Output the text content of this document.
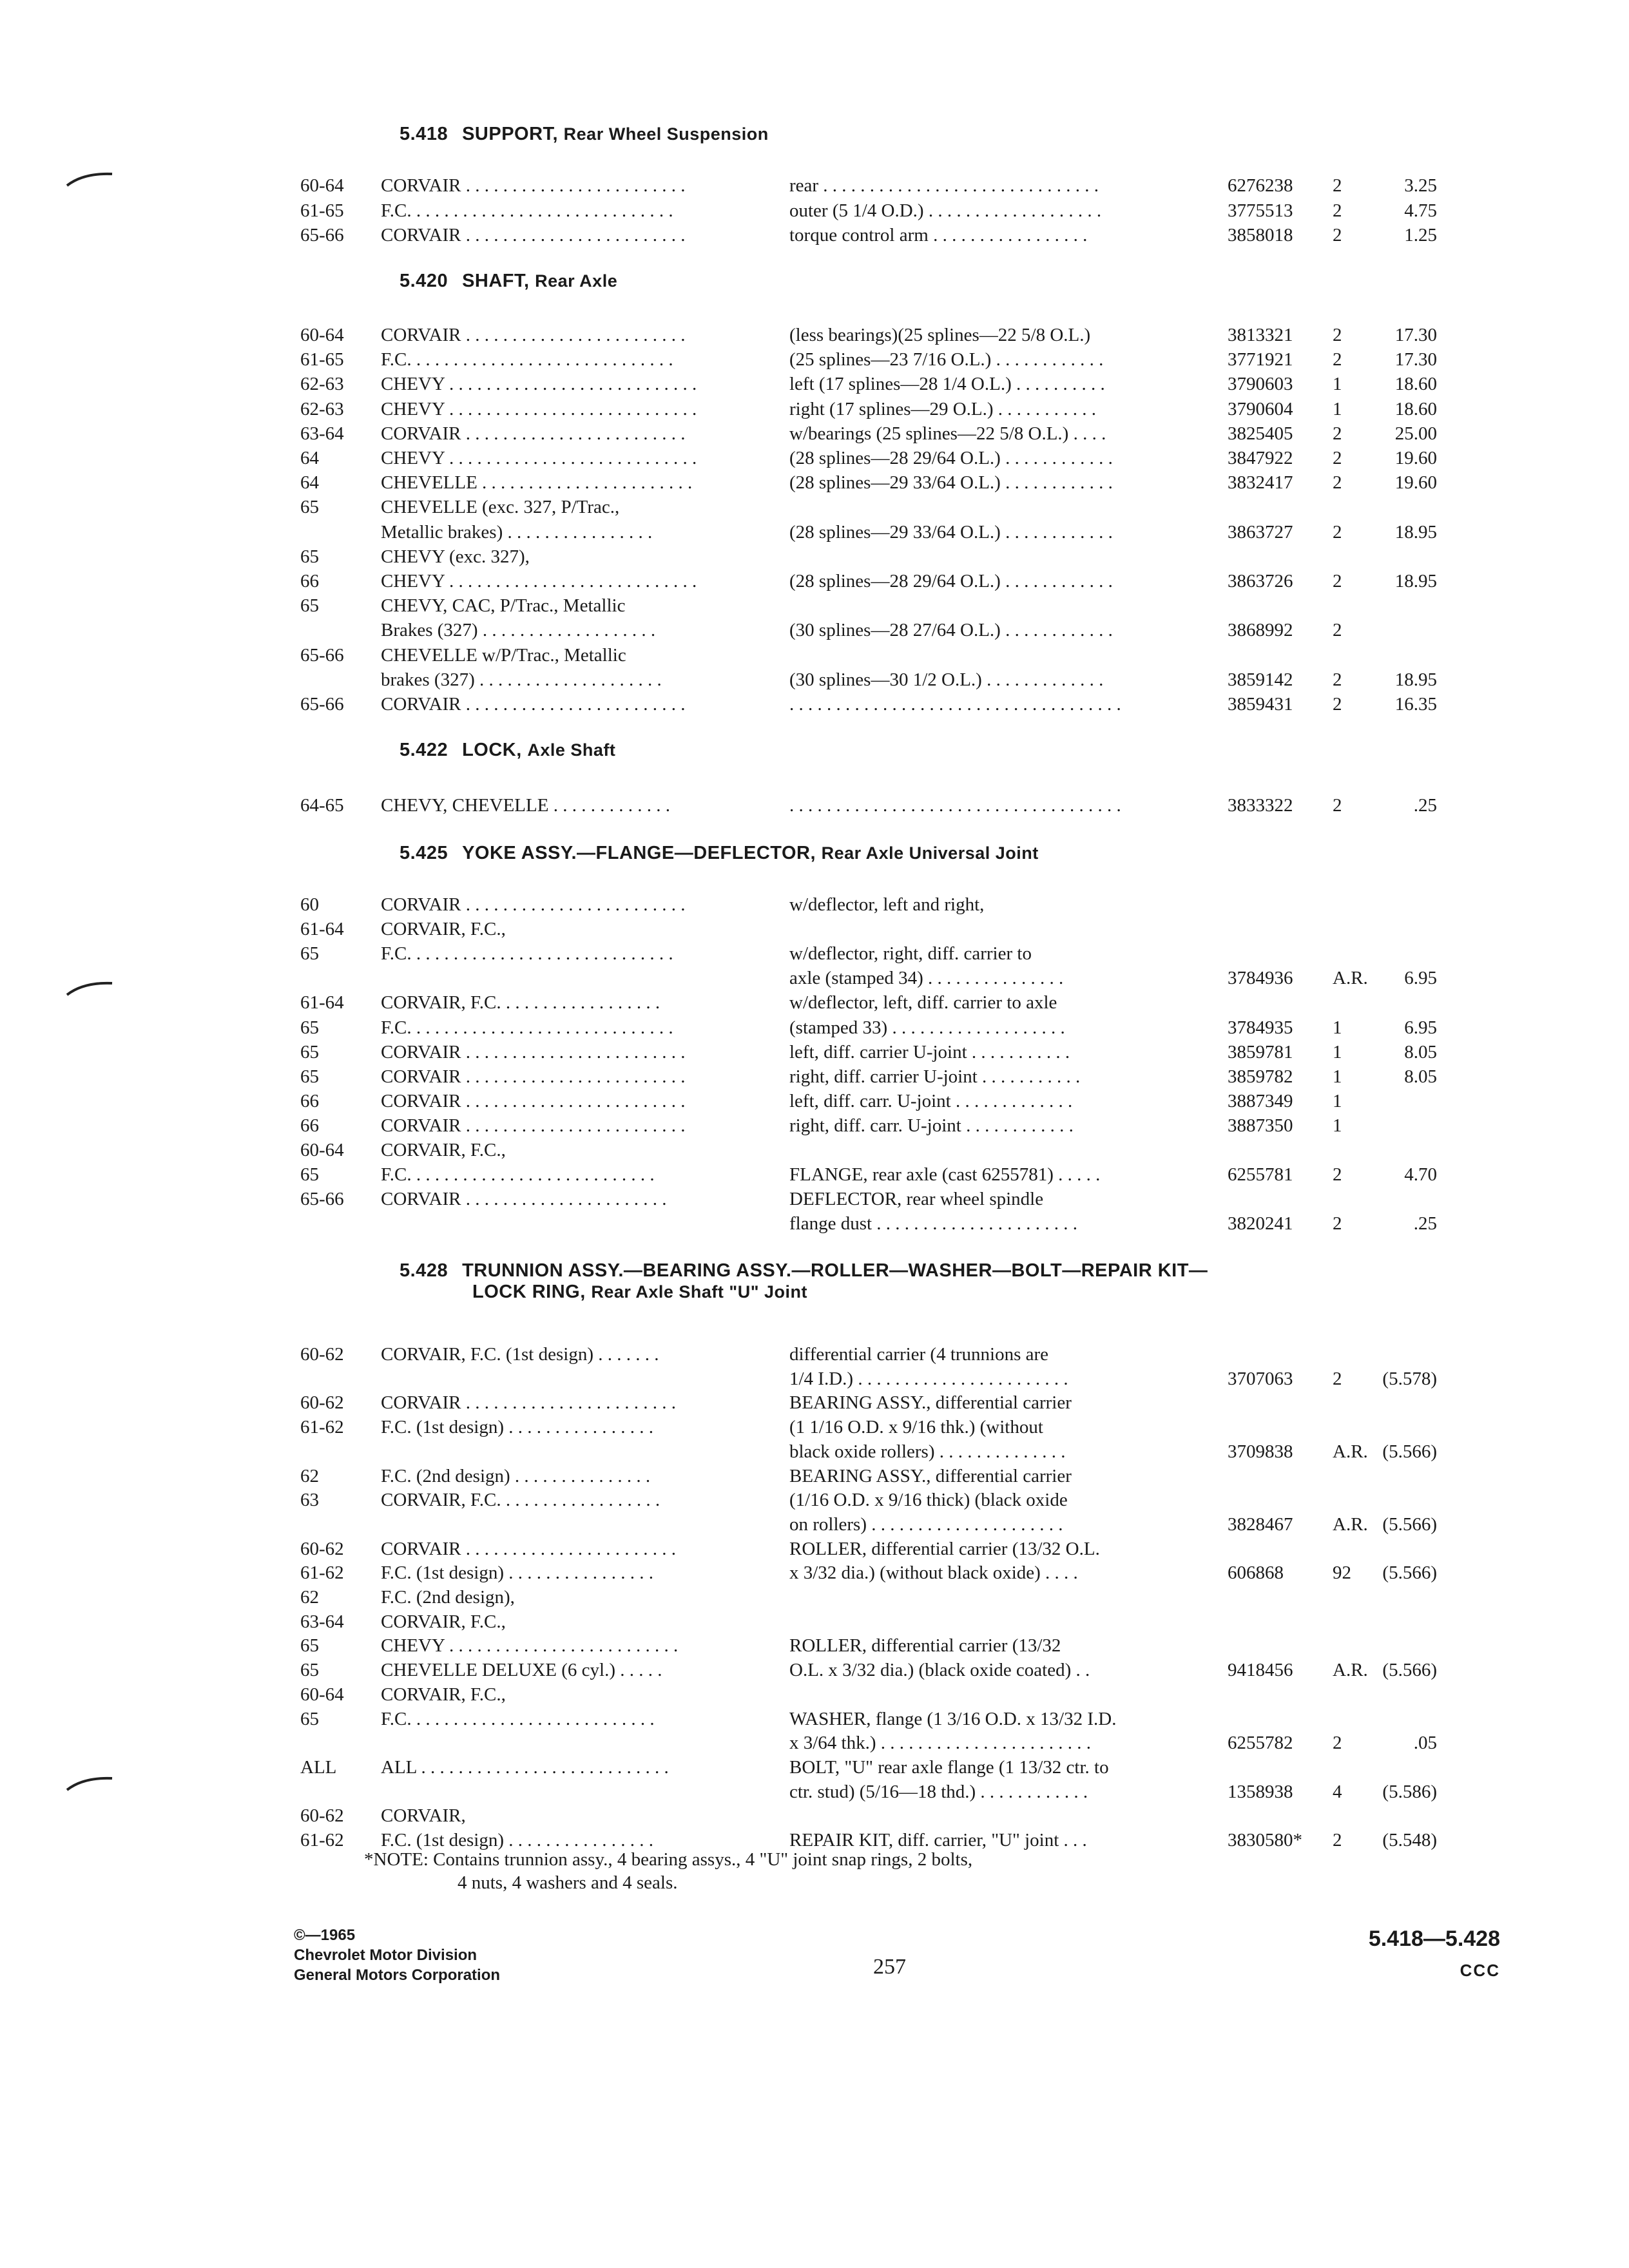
5.418 SUPPORT, Rear Wheel Suspension
60-64	CORVAIR . . . . . . . . . . . . . . . . . . . . . . . .	rear . . . . . . . . . . . . . . . . . . . . . . . . . . . . . .	6276238	2	3.25
61-65	F.C. . . . . . . . . . . . . . . . . . . . . . . . . . . . .	outer (5 1/4 O.D.) . . . . . . . . . . . . . . . . . . .	3775513	2	4.75
65-66	CORVAIR . . . . . . . . . . . . . . . . . . . . . . . .	torque control arm . . . . . . . . . . . . . . . . .	3858018	2	1.25
5.420 SHAFT, Rear Axle
60-64	CORVAIR . . . . . . . . . . . . . . . . . . . . . . . .	(less bearings)(25 splines—22 5/8 O.L.)	3813321	2	17.30
61-65	F.C. . . . . . . . . . . . . . . . . . . . . . . . . . . . .	(25 splines—23 7/16 O.L.) . . . . . . . . . . . .	3771921	2	17.30
62-63	CHEVY . . . . . . . . . . . . . . . . . . . . . . . . . . .	left (17 splines—28 1/4 O.L.) . . . . . . . . . .	3790603	1	18.60
62-63	CHEVY . . . . . . . . . . . . . . . . . . . . . . . . . . .	right (17 splines—29 O.L.) . . . . . . . . . . .	3790604	1	18.60
63-64	CORVAIR . . . . . . . . . . . . . . . . . . . . . . . .	w/bearings (25 splines—22 5/8 O.L.) . . . .	3825405	2	25.00
64	CHEVY . . . . . . . . . . . . . . . . . . . . . . . . . . .	(28 splines—28 29/64 O.L.) . . . . . . . . . . . .	3847922	2	19.60
64	CHEVELLE . . . . . . . . . . . . . . . . . . . . . . .	(28 splines—29 33/64 O.L.) . . . . . . . . . . . .	3832417	2	19.60
65	CHEVELLE (exc. 327, P/Trac.,
Metallic brakes) . . . . . . . . . . . . . . . .	(28 splines—29 33/64 O.L.) . . . . . . . . . . . .	3863727	2	18.95
65	CHEVY (exc. 327),
66	CHEVY . . . . . . . . . . . . . . . . . . . . . . . . . . .	(28 splines—28 29/64 O.L.) . . . . . . . . . . . .	3863726	2	18.95
65	CHEVY, CAC, P/Trac., Metallic
Brakes (327) . . . . . . . . . . . . . . . . . . .	(30 splines—28 27/64 O.L.) . . . . . . . . . . . .	3868992	2
65-66	CHEVELLE w/P/Trac., Metallic
brakes (327) . . . . . . . . . . . . . . . . . . . .	(30 splines—30 1/2 O.L.) . . . . . . . . . . . . .	3859142	2	18.95
65-66	CORVAIR . . . . . . . . . . . . . . . . . . . . . . . .	. . . . . . . . . . . . . . . . . . . . . . . . . . . . . . . . . . . .	3859431	2	16.35
5.422 LOCK, Axle Shaft
64-65	CHEVY, CHEVELLE . . . . . . . . . . . . .	. . . . . . . . . . . . . . . . . . . . . . . . . . . . . . . . . . . .	3833322	2	.25
5.425 YOKE ASSY.—FLANGE—DEFLECTOR, Rear Axle Universal Joint
60	CORVAIR . . . . . . . . . . . . . . . . . . . . . . . .	w/deflector, left and right,
61-64	CORVAIR, F.C.,
65	F.C. . . . . . . . . . . . . . . . . . . . . . . . . . . . .	w/deflector, right, diff. carrier to
axle (stamped 34) . . . . . . . . . . . . . . .	3784936	A.R.	6.95
61-64	CORVAIR, F.C. . . . . . . . . . . . . . . . . .	w/deflector, left, diff. carrier to axle
65	F.C. . . . . . . . . . . . . . . . . . . . . . . . . . . . .	(stamped 33) . . . . . . . . . . . . . . . . . . .	3784935	1	6.95
65	CORVAIR . . . . . . . . . . . . . . . . . . . . . . . .	left, diff. carrier U-joint . . . . . . . . . . .	3859781	1	8.05
65	CORVAIR . . . . . . . . . . . . . . . . . . . . . . . .	right, diff. carrier U-joint . . . . . . . . . . .	3859782	1	8.05
66	CORVAIR . . . . . . . . . . . . . . . . . . . . . . . .	left, diff. carr. U-joint . . . . . . . . . . . . .	3887349	1
66	CORVAIR . . . . . . . . . . . . . . . . . . . . . . . .	right, diff. carr. U-joint . . . . . . . . . . . .	3887350	1
60-64	CORVAIR, F.C.,
65	F.C. . . . . . . . . . . . . . . . . . . . . . . . . . .	FLANGE, rear axle (cast 6255781) . . . . .	6255781	2	4.70
65-66	CORVAIR . . . . . . . . . . . . . . . . . . . . . .	DEFLECTOR, rear wheel spindle
flange dust . . . . . . . . . . . . . . . . . . . . . .	3820241	2	.25
5.428 TRUNNION ASSY.—BEARING ASSY.—ROLLER—WASHER—BOLT—REPAIR KIT—
LOCK RING, Rear Axle Shaft "U" Joint
60-62	CORVAIR, F.C. (1st design) . . . . . . .	differential carrier (4 trunnions are
1/4 I.D.) . . . . . . . . . . . . . . . . . . . . . . .	3707063	2	(5.578)
60-62	CORVAIR . . . . . . . . . . . . . . . . . . . . . . .	BEARING ASSY., differential carrier
61-62	F.C. (1st design) . . . . . . . . . . . . . . . .	(1 1/16 O.D. x 9/16 thk.) (without
black oxide rollers) . . . . . . . . . . . . . .	3709838	A.R. (5.566)
62	F.C. (2nd design) . . . . . . . . . . . . . . .	BEARING ASSY., differential carrier
63	CORVAIR, F.C. . . . . . . . . . . . . . . . . .	(1/16 O.D. x 9/16 thick) (black oxide
on rollers) . . . . . . . . . . . . . . . . . . . . .	3828467	A.R. (5.566)
60-62	CORVAIR . . . . . . . . . . . . . . . . . . . . . . .	ROLLER, differential carrier (13/32 O.L.
61-62	F.C. (1st design) . . . . . . . . . . . . . . . .	x 3/32 dia.) (without black oxide) . . . .	606868	92	(5.566)
62	F.C. (2nd design),
63-64	CORVAIR, F.C.,
65	CHEVY . . . . . . . . . . . . . . . . . . . . . . . . .	ROLLER, differential carrier (13/32
65	CHEVELLE DELUXE (6 cyl.) . . . . .	O.L. x 3/32 dia.) (black oxide coated) . .	9418456	A.R. (5.566)
60-64	CORVAIR, F.C.,
65	F.C. . . . . . . . . . . . . . . . . . . . . . . . . . .	WASHER, flange (1 3/16 O.D. x 13/32 I.D.
x 3/64 thk.) . . . . . . . . . . . . . . . . . . . . . . .	6255782	2	.05
ALL	ALL . . . . . . . . . . . . . . . . . . . . . . . . . . .	BOLT, "U" rear axle flange (1 13/32 ctr. to
ctr. stud) (5/16—18 thd.) . . . . . . . . . . . .	1358938	4	(5.586)
60-62	CORVAIR,
61-62	F.C. (1st design) . . . . . . . . . . . . . . . .	REPAIR KIT, diff. carrier, "U" joint . . .	3830580*	2	(5.548)
*NOTE: Contains trunnion assy., 4 bearing assys., 4 "U" joint snap rings, 2 bolts,
4 nuts, 4 washers and 4 seals.
©—1965
Chevrolet Motor Division
General Motors Corporation	257
5.418—5.428
CCC
